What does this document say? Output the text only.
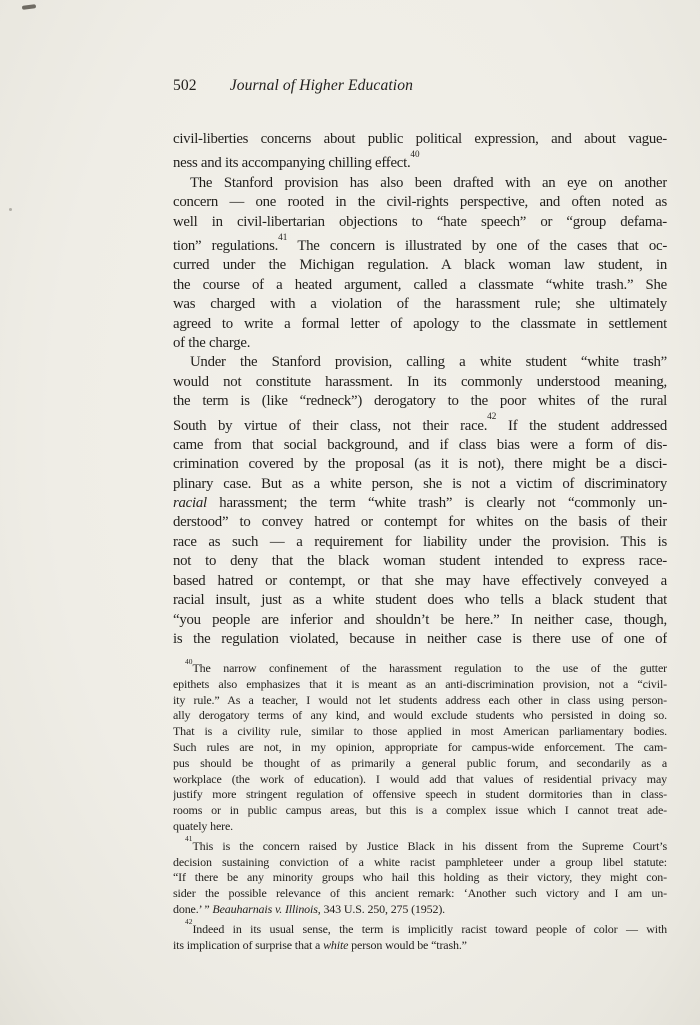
502 Journal of Higher Education
civil-liberties concerns about public political expression, and about vague-
ness and its accompanying chilling effect.$^{40}$
The Stanford provision has also been drafted with an eye on another
concern — one rooted in the civil-rights perspective, and often noted as
well in civil-libertarian objections to “hate speech” or “group defama-
tion” regulations.$^{41}$ The concern is illustrated by one of the cases that oc-
curred under the Michigan regulation. A black woman law student, in
the course of a heated argument, called a classmate “white trash.” She
was charged with a violation of the harassment rule; she ultimately
agreed to write a formal letter of apology to the classmate in settlement
of the charge.
Under the Stanford provision, calling a white student “white trash”
would not constitute harassment. In its commonly understood meaning,
the term is (like “redneck”) derogatory to the poor whites of the rural
South by virtue of their class, not their race.$^{42}$ If the student addressed
came from that social background, and if class bias were a form of dis-
crimination covered by the proposal (as it is not), there might be a disci-
plinary case. But as a white person, she is not a victim of discriminatory
racial harassment; the term “white trash” is clearly not “commonly un-
derstood” to convey hatred or contempt for whites on the basis of their
race as such — a requirement for liability under the provision. This is
not to deny that the black woman student intended to express race-
based hatred or contempt, or that she may have effectively conveyed a
racial insult, just as a white student does who tells a black student that
“you people are inferior and shouldn’t be here.” In neither case, though,
is the regulation violated, because in neither case is there use of one of
$^{40}$The narrow confinement of the harassment regulation to the use of the gutter
epithets also emphasizes that it is meant as an anti-discrimination provision, not a “civil-
ity rule.” As a teacher, I would not let students address each other in class using person-
ally derogatory terms of any kind, and would exclude students who persisted in doing so.
That is a civility rule, similar to those applied in most American parliamentary bodies.
Such rules are not, in my opinion, appropriate for campus-wide enforcement. The cam-
pus should be thought of as primarily a general public forum, and secondarily as a
workplace (the work of education). I would add that values of residential privacy may
justify more stringent regulation of offensive speech in student dormitories than in class-
rooms or in public campus areas, but this is a complex issue which I cannot treat ade-
quately here.
$^{41}$This is the concern raised by Justice Black in his dissent from the Supreme Court’s
decision sustaining conviction of a white racist pamphleteer under a group libel statute:
“If there be any minority groups who hail this holding as their victory, they might con-
sider the possible relevance of this ancient remark: ‘Another such victory and I am un-
done.’ ” Beauharnais v. Illinois, 343 U.S. 250, 275 (1952).
$^{42}$Indeed in its usual sense, the term is implicitly racist toward people of color — with
its implication of surprise that a white person would be “trash.”
